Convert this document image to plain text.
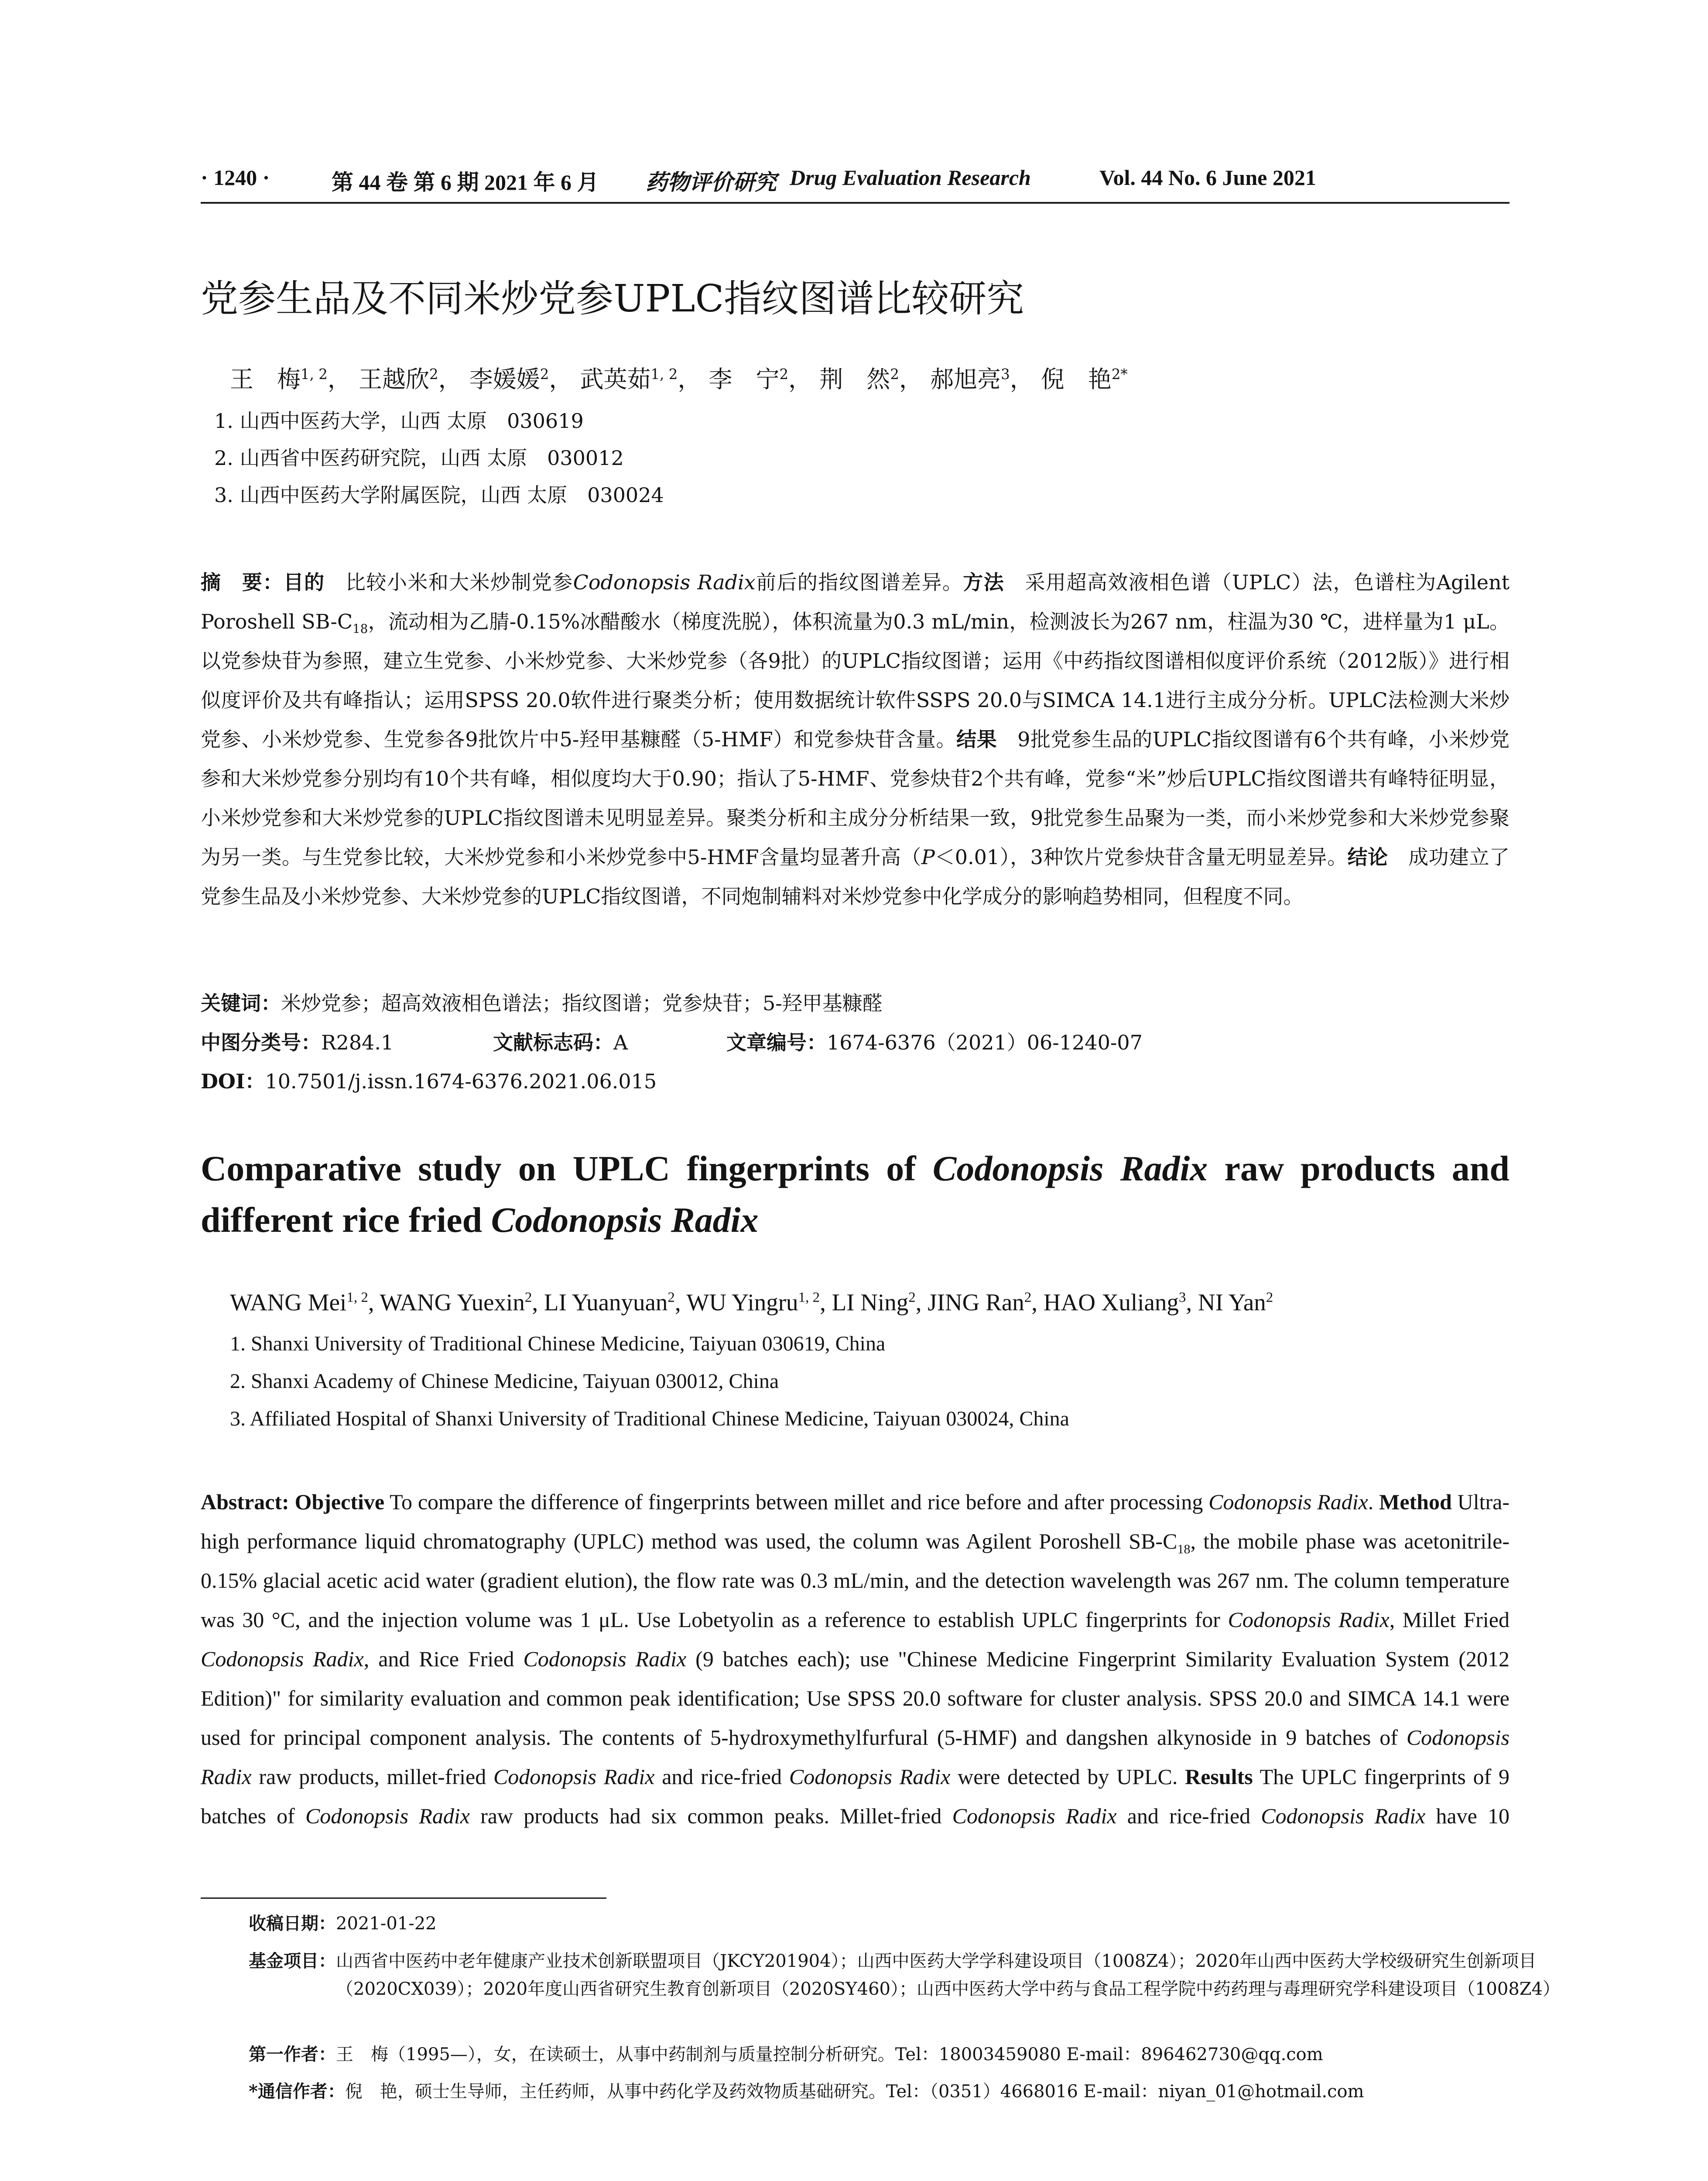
· 1240 ·	第 44 卷 第 6 期 2021 年 6 月 药物评价研究 Drug Evaluation Research	Vol. 44 No. 6 June 2021
党参生品及不同米炒党参UPLC指纹图谱比较研究
王　梅$^{1, 2}$， 王越欣$^2$， 李媛媛$^2$， 武英茹$^{1, 2}$， 李　宁$^2$， 荆　然$^2$， 郝旭亮$^3$， 倪　艳$^{2*}$
1. 山西中医药大学，山西 太原　030619
2. 山西省中医药研究院，山西 太原　030012
3. 山西中医药大学附属医院，山西 太原　030024
摘　要：目的　 比较小米和大米炒制党参Codonopsis Radix前后的指纹图谱差异。方法　 采用超高效液相色谱（UPLC）法，色谱柱为Agilent Poroshell $SB-C_{18}$，流动相为乙腈-0.15%冰醋酸水（梯度洗脱），体积流量为0.3 mL/min，检测波长为267 nm，柱温为30 ℃，进样量为1 μL。以党参炔苷为参照，建立生党参、小米炒党参、大米炒党参（各9批）的UPLC指纹图谱；运用《中药指纹图谱相似度评价系统（2012版）》进行相似度评价及共有峰指认；运用SPSS 20.0软件进行聚类分析；使用数据统计软件SSPS 20.0与SIMCA 14.1进行主成分分析。UPLC法检测大米炒党参、小米炒党参、生党参各9批饮片中5-羟甲基糠醛（5-HMF）和党参炔苷含量。结果　 9批党参生品的UPLC指纹图谱有6个共有峰，小米炒党参和大米炒党参分别均有10个共有峰，相似度均大于0.90；指认了5-HMF、党参炔苷2个共有峰，党参“米”炒后UPLC指纹图谱共有峰特征明显，小米炒党参和大米炒党参的UPLC指纹图谱未见明显差异。聚类分析和主成分分析结果一致，9批党参生品聚为一类，而小米炒党参和大米炒党参聚为另一类。与生党参比较，大米炒党参和小米炒党参中5-HMF含量均显著升高（P＜0.01），3种饮片党参炔苷含量无明显差异。结论　 成功建立了党参生品及小米炒党参、大米炒党参的UPLC指纹图谱，不同炮制辅料对米炒党参中化学成分的影响趋势相同，但程度不同。
关键词：米炒党参；超高效液相色谱法；指纹图谱；党参炔苷；5-羟甲基糠醛
中图分类号：R284.1	文献标志码：A	文章编号：1674-6376（2021）06-1240-07
DOI：10.7501/j.issn.1674-6376.2021.06.015
Comparative study on UPLC fingerprints of Codonopsis Radix raw products and different rice fried Codonopsis Radix
WANG Mei$^{1, 2}$, WANG Yuexin$^2$, LI Yuanyuan$^2$, WU Yingru$^{1, 2}$, LI Ning$^2$, JING Ran$^2$, HAO Xuliang$^3$, NI Yan$^2$
1. Shanxi University of Traditional Chinese Medicine, Taiyuan 030619, China
2. Shanxi Academy of Chinese Medicine, Taiyuan 030012, China
3. Affiliated Hospital of Shanxi University of Traditional Chinese Medicine, Taiyuan 030024, China
Abstract: Objective To compare the difference of fingerprints between millet and rice before and after processing Codonopsis Radix. Method Ultra-high performance liquid chromatography (UPLC) method was used, the column was Agilent Poroshell $SB-C_{18}$, the mobile phase was acetonitrile-0.15% glacial acetic acid water (gradient elution), the flow rate was 0.3 mL/min, and the detection wavelength was 267 nm. The column temperature was 30 °C, and the injection volume was 1 μL. Use Lobetyolin as a reference to establish UPLC fingerprints for Codonopsis Radix, Millet Fried Codonopsis Radix, and Rice Fried Codonopsis Radix (9 batches each); use "Chinese Medicine Fingerprint Similarity Evaluation System (2012 Edition)" for similarity evaluation and common peak identification; Use SPSS 20.0 software for cluster analysis. SPSS 20.0 and SIMCA 14.1 were used for principal component analysis. The contents of 5-hydroxymethylfurfural (5-HMF) and dangshen alkynoside in 9 batches of Codonopsis Radix raw products, millet-fried Codonopsis Radix and rice-fried Codonopsis Radix were detected by UPLC. Results The UPLC fingerprints of 9 batches of Codonopsis Radix raw products had six common peaks. Millet-fried Codonopsis Radix and rice-fried Codonopsis Radix have 10
收稿日期：2021-01-22
基金项目：山西省中医药中老年健康产业技术创新联盟项目（JKCY201904）；山西中医药大学学科建设项目（1008Z4）；2020年山西中医药大学校级研究生创新项目（2020CX039）；2020年度山西省研究生教育创新项目（2020SY460）；山西中医药大学中药与食品工程学院中药药理与毒理研究学科建设项目（1008Z4）
第一作者：王　梅（1995—），女，在读硕士，从事中药制剂与质量控制分析研究。Tel：18003459080 E-mail：896462730@qq.com
*通信作者：倪　艳，硕士生导师，主任药师，从事中药化学及药效物质基础研究。Tel：（0351）4668016 E-mail：niyan_01@hotmail.com
